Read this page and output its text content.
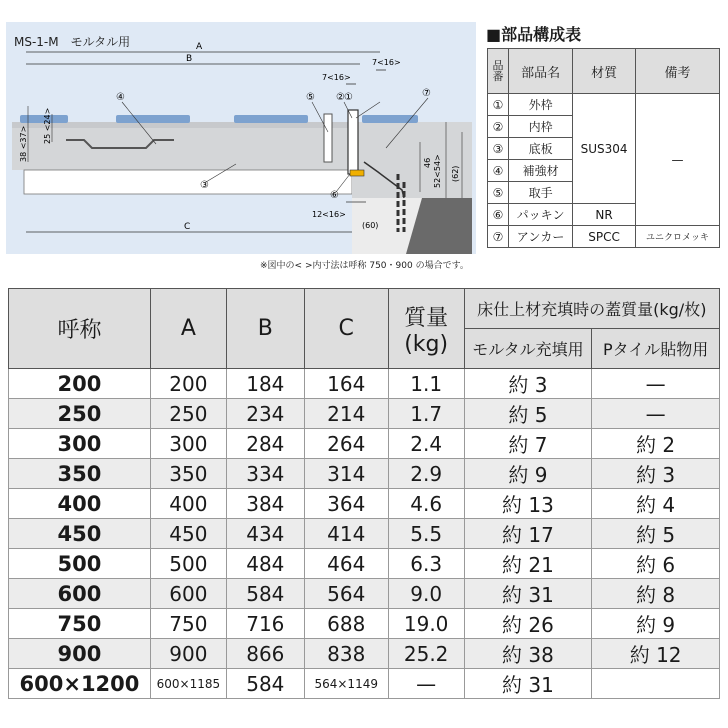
A
B
C
7<16>
7<16>
12<16>
(60)
38 <37> 25 <24>
46 52<54> (62)
①
②
③
④	⑤
⑥
⑦
MS-1-M　モルタル用
※図中の< >内寸法は呼称 750・900 の場合です。
■部品構成表
品番	部品名	材質	備考
①	外枠	SUS304	—
②	内枠		
③	底板		
④	補強材		
⑤	取手		
⑥	パッキン	NR	
⑦	アンカー	SPCC	ユニクロメッキ
呼称	A	B	C	質量
(kg)	床仕上材充填時の蓋質量(kg/枚)	
					モルタル充填用	Pタイル貼物用
200	200	184	164	1.1	約 3	—
250	250	234	214	1.7	約 5	—
300	300	284	264	2.4	約 7	約 2
350	350	334	314	2.9	約 9	約 3
400	400	384	364	4.6	約 13	約 4
450	450	434	414	5.5	約 17	約 5
500	500	484	464	6.3	約 21	約 6
600	600	584	564	9.0	約 31	約 8
750	750	716	688	19.0	約 26	約 9
900	900	866	838	25.2	約 38	約 12
600×1200	600×1185	584	564×1149	—	約 31	
